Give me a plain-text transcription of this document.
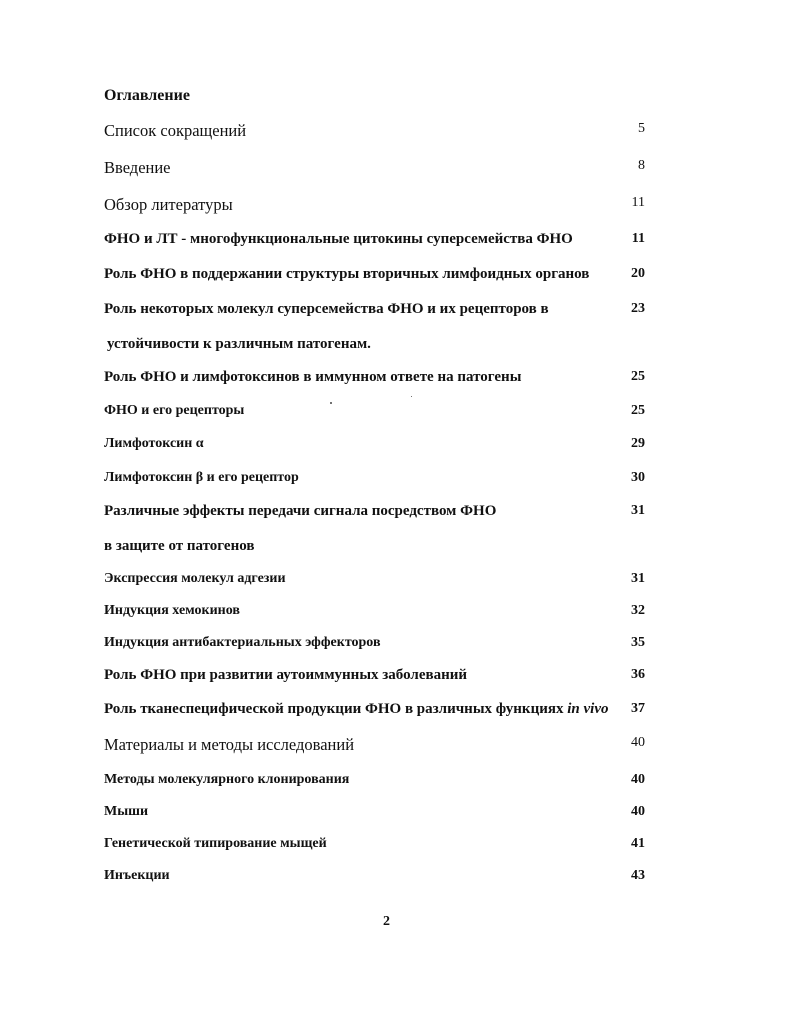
Оглавление
Список сокращений	5
Введение	8
Обзор литературы	11
ФНО и ЛТ - многофункциональные цитокины суперсемейства ФНО	11
Роль ФНО в поддержании структуры вторичных лимфоидных органов	20
Роль некоторых молекул суперсемейства ФНО и их рецепторов в	23
устойчивости к различным патогенам.
Роль ФНО и лимфотоксинов в иммунном ответе на патогены	25
ФНО и его рецепторы	25
Лимфотоксин α	29
Лимфотоксин β и его рецептор	30
Различные эффекты передачи сигнала посредством ФНО	31
в защите от патогенов
Экспрессия молекул адгезии	31
Индукция хемокинов	32
Индукция антибактериальных эффекторов	35
Роль ФНО при развитии аутоиммунных заболеваний	36
Роль тканеспецифической продукции ФНО в различных функциях in vivo 37
Материалы и методы исследований	40
Методы молекулярного клонирования	40
Мыши	40
Генетической типирование мыщей	41
Инъекции	43
2
